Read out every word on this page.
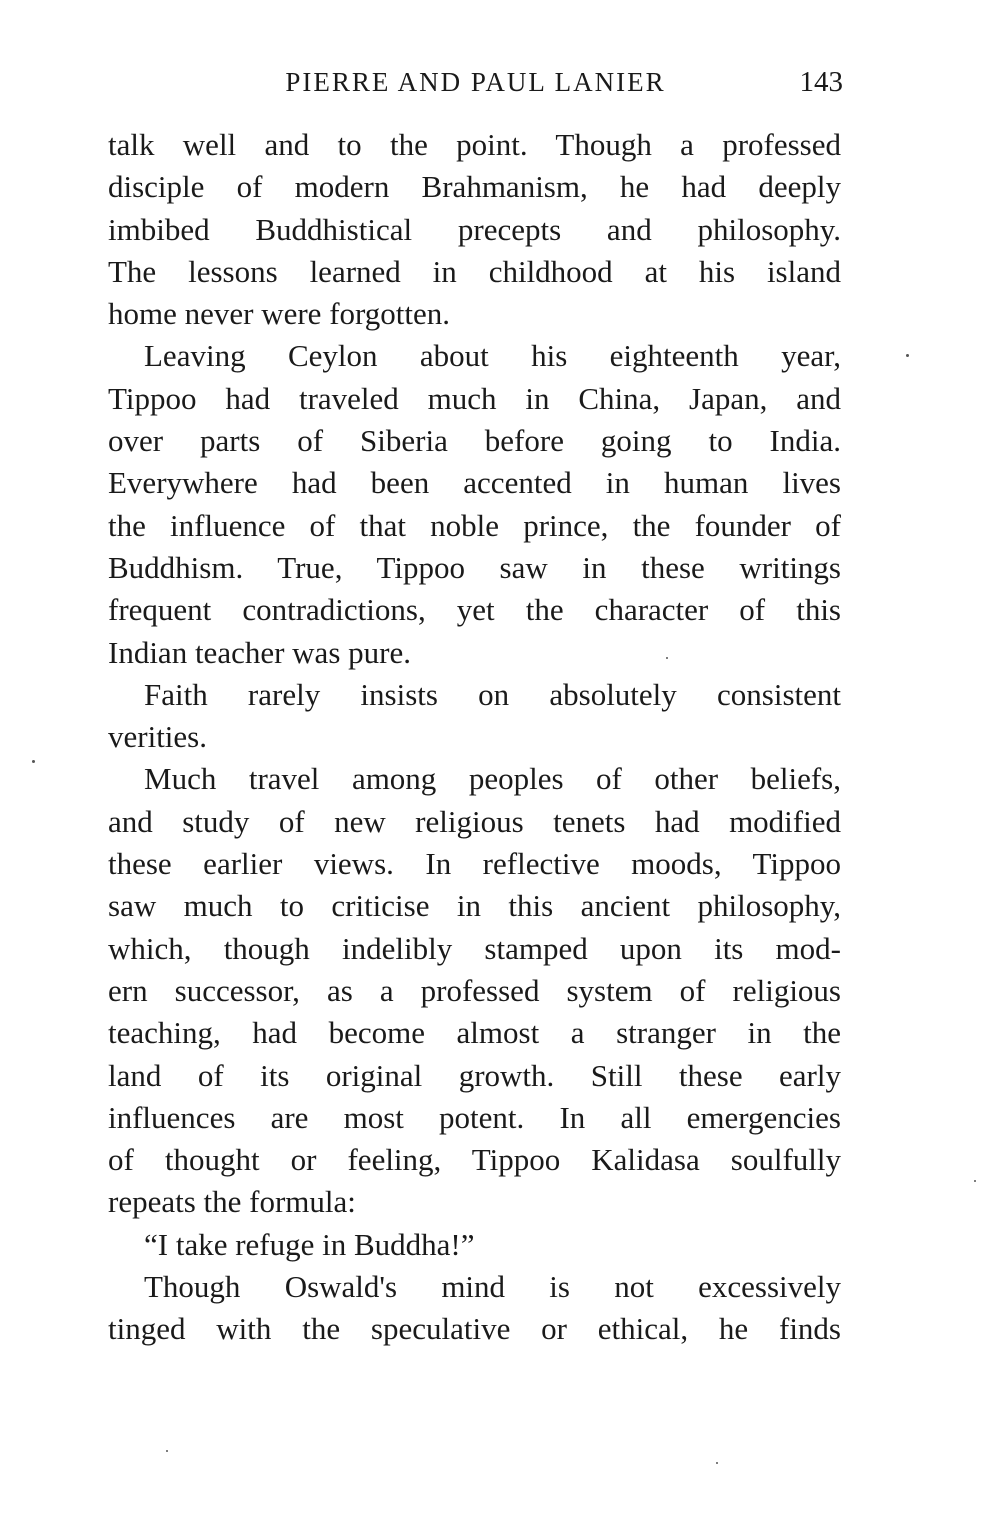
PIERRE AND PAUL LANIER	143
talk well and to the point. Though a professed
disciple of modern Brahmanism, he had deeply
imbibed Buddhistical precepts and philosophy.
The lessons learned in childhood at his island
home never were forgotten.
Leaving Ceylon about his eighteenth year,
Tippoo had traveled much in China, Japan, and
over parts of Siberia before going to India.
Everywhere had been accented in human lives
the influence of that noble prince, the founder of
Buddhism. True, Tippoo saw in these writings
frequent contradictions, yet the character of this
Indian teacher was pure.
Faith rarely insists on absolutely consistent
verities.
Much travel among peoples of other beliefs,
and study of new religious tenets had modified
these earlier views. In reflective moods, Tippoo
saw much to criticise in this ancient philosophy,
which, though indelibly stamped upon its mod-
ern successor, as a professed system of religious
teaching, had become almost a stranger in the
land of its original growth. Still these early
influences are most potent. In all emergencies
of thought or feeling, Tippoo Kalidasa soulfully
repeats the formula:
“I take refuge in Buddha!”
Though Oswald's mind is not excessively
tinged with the speculative or ethical, he finds
